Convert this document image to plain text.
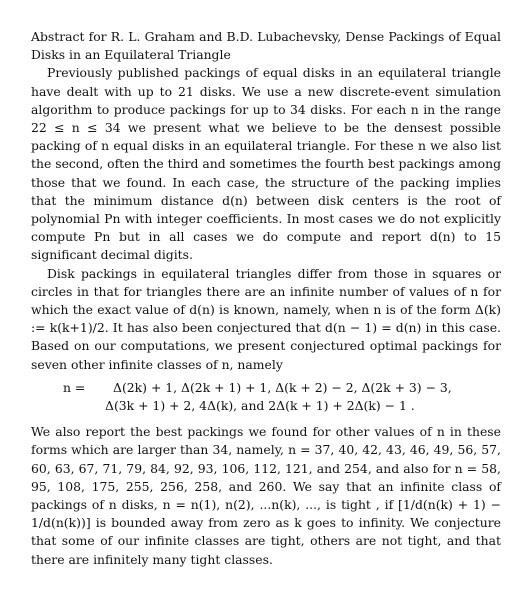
Abstract for R. L. Graham and B.D. Lubachevsky, Dense Packings of Equal Disks in an Equilateral Triangle

Previously published packings of equal disks in an equilateral triangle have dealt with up to 21 disks. We use a new discrete-event simulation algorithm to produce packings for up to 34 disks. For each n in the range 22 ≤ n ≤ 34 we present what we believe to be the densest possible packing of n equal disks in an equilateral triangle. For these n we also list the second, often the third and sometimes the fourth best packings among those that we found. In each case, the structure of the packing implies that the minimum distance d(n) between disk centers is the root of polynomial Pn with integer coefficients. In most cases we do not explicitly compute Pn but in all cases we do compute and report d(n) to 15 significant decimal digits.

Disk packings in equilateral triangles differ from those in squares or circles in that for triangles there are an infinite number of values of n for which the exact value of d(n) is known, namely, when n is of the form Δ(k) := k(k+1)/2. It has also been conjectured that d(n − 1) = d(n) in this case. Based on our computations, we present conjectured optimal packings for seven other infinite classes of n, namely

n = Δ(2k) + 1, Δ(2k + 1) + 1, Δ(k + 2) − 2, Δ(2k + 3) − 3,
Δ(3k + 1) + 2, 4Δ(k), and 2Δ(k + 1) + 2Δ(k) − 1 .

We also report the best packings we found for other values of n in these forms which are larger than 34, namely, n = 37, 40, 42, 43, 46, 49, 56, 57, 60, 63, 67, 71, 79, 84, 92, 93, 106, 112, 121, and 254, and also for n = 58, 95, 108, 175, 255, 256, 258, and 260. We say that an infinite class of packings of n disks, n = n(1), n(2), ...n(k), ..., is tight , if [1/d(n(k) + 1) − 1/d(n(k))] is bounded away from zero as k goes to infinity. We conjecture that some of our infinite classes are tight, others are not tight, and that there are infinitely many tight classes.
